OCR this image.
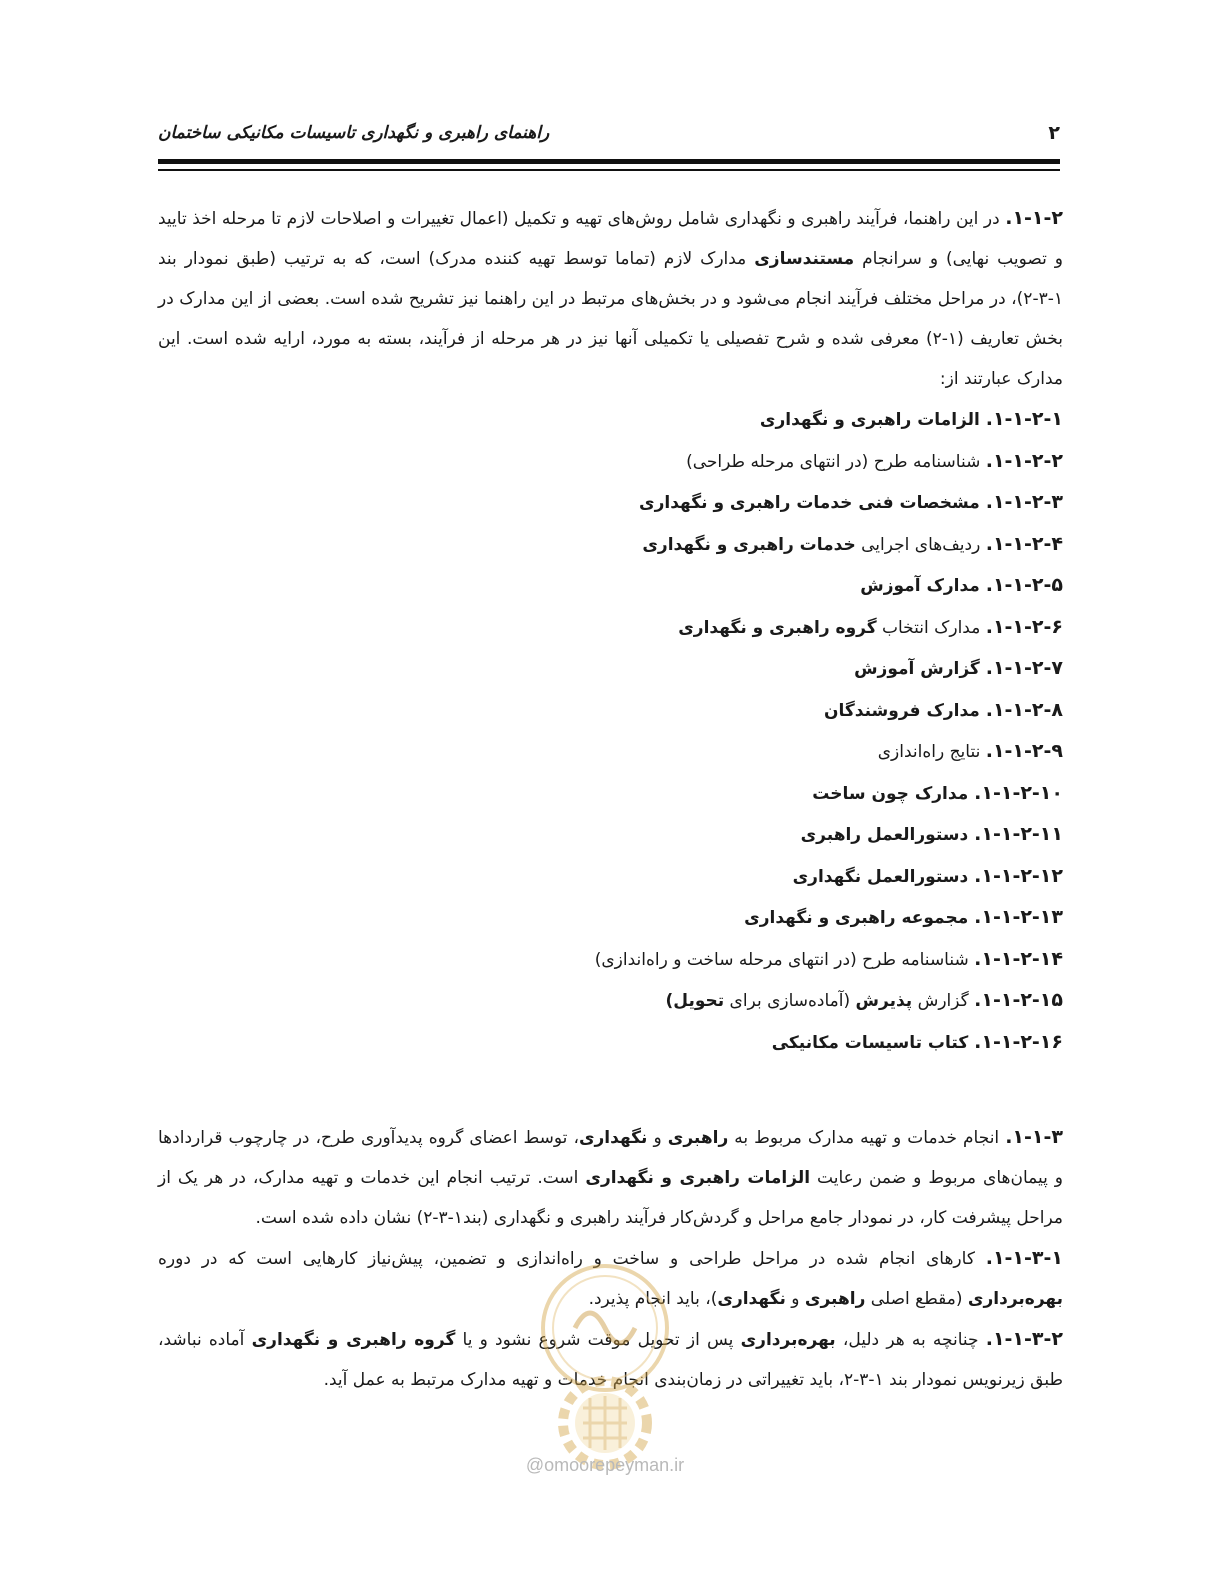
۲
راهنمای راهبری و نگهداری تاسیسات مکانیکی ساختمان

۱-۱-۲. در این راهنما، فرآیند راهبری و نگهداری شامل روش‌های تهیه و تکمیل (اعمال تغییرات و اصلاحات لازم تا مرحله اخذ تایید و تصویب نهایی) و سرانجام مستندسازی مدارک لازم (تماما توسط تهیه کننده مدرک) است، که به ترتیب (طبق نمودار بند ۱-۳-۲)، در مراحل مختلف فرآیند انجام می‌شود و در بخش‌های مرتبط در این راهنما نیز تشریح شده است. بعضی از این مدارک در بخش تعاریف (۱-۲) معرفی شده و شرح تفصیلی یا تکمیلی آنها نیز در هر مرحله از فرآیند، بسته به مورد، ارایه شده است. این مدارک عبارتند از:

۱-۱-۲-۱. الزامات راهبری و نگهداری

۱-۱-۲-۲. شناسنامه طرح (در انتهای مرحله طراحی)

۱-۱-۲-۳. مشخصات فنی خدمات راهبری و نگهداری

۱-۱-۲-۴. ردیف‌های اجرایی خدمات راهبری و نگهداری

۱-۱-۲-۵. مدارک آموزش

۱-۱-۲-۶. مدارک انتخاب گروه راهبری و نگهداری

۱-۱-۲-۷. گزارش آموزش

۱-۱-۲-۸. مدارک فروشندگان

۱-۱-۲-۹. نتایج راه‌اندازی

۱-۱-۲-۱۰. مدارک چون ساخت

۱-۱-۲-۱۱. دستورالعمل راهبری

۱-۱-۲-۱۲. دستورالعمل نگهداری

۱-۱-۲-۱۳. مجموعه راهبری و نگهداری

۱-۱-۲-۱۴. شناسنامه طرح (در انتهای مرحله ساخت و راه‌اندازی)

۱-۱-۲-۱۵. گزارش پذیرش (آماده‌سازی برای تحویل)

۱-۱-۲-۱۶. کتاب تاسیسات مکانیکی

۱-۱-۳. انجام خدمات و تهیه مدارک مربوط به راهبری و نگهداری، توسط اعضای گروه پدیدآوری طرح، در چارچوب قراردادها و پیمان‌های مربوط و ضمن رعایت الزامات راهبری و نگهداری است. ترتیب انجام این خدمات و تهیه مدارک، در هر یک از مراحل پیشرفت کار، در نمودار جامع مراحل و گردش‌کار فرآیند راهبری و نگهداری (بند۱-۳-۲) نشان داده شده است.

۱-۱-۳-۱. کارهای انجام شده در مراحل طراحی و ساخت و راه‌اندازی و تضمین، پیش‌نیاز کارهایی است که در دوره بهره‌برداری (مقطع اصلی راهبری و نگهداری)، باید انجام پذیرد.

۱-۱-۳-۲. چنانچه به هر دلیل، بهره‌برداری پس از تحویل موقت شروع نشود و یا گروه راهبری و نگهداری آماده نباشد، طبق زیرنویس نمودار بند ۱-۳-۲، باید تغییراتی در زمان‌بندی انجام خدمات و تهیه مدارک مرتبط به عمل آید.

@omoorepeyman.ir
